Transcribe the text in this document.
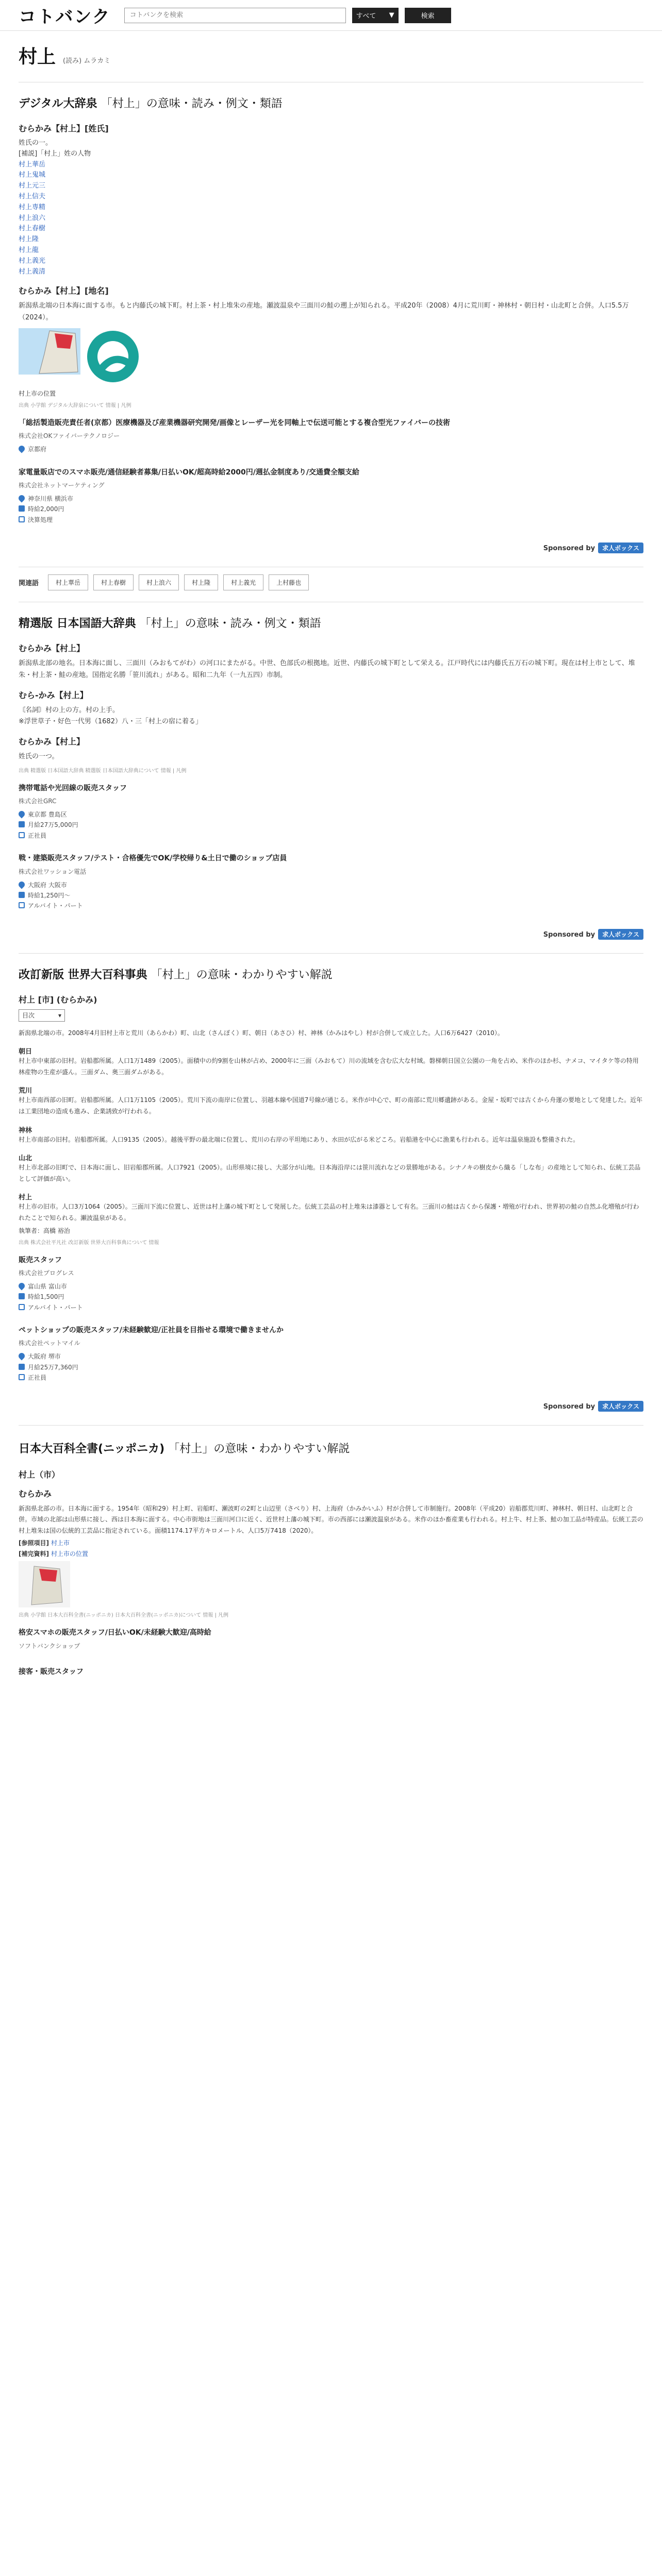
コトバンク
コトバンクを検索	すべて ▼	検索
村上 (読み) ムラカミ
デジタル大辞泉 「村上」の意味・読み・例文・類語
むらかみ【村上】[姓氏]
姓氏の一。
[補説]「村上」姓の人物
村上華岳
村上鬼城
村上元三
村上信夫
村上専精
村上浪六
村上春樹
村上隆
村上龍
村上義光
村上義清
むらかみ【村上】[地名]
新潟県北端の日本海に面する市。もと内藤氏の城下町。村上茶・村上堆朱の産地。瀬波温泉や三面川の鮭の遡上が知られる。平成20年（2008）4月に荒川町・神林村・朝日村・山北町と合併。人口5.5万（2024）。
村上市の位置
出典 小学館 デジタル大辞泉について 情報 | 凡例
「総括製造販売責任者(京都）医療機器及び産業機器研究開発/画像とレーザー光を同軸上で伝送可能とする複合型光ファイバーの技術
株式会社OKファイバーテクノロジー
京都府
家電量販店でのスマホ販売/通信経験者募集/日払いOK/超高時給2000円/週払金制度あり/交通費全額支給
株式会社ネットマーケティング
神奈川県 横浜市
時給2,000円
決算処理
Sponsored by 求人ボックス
関連語	村上華岳	村上春樹	村上浪六	村上隆	村上義光	上村藤也
精選版 日本国語大辞典 「村上」の意味・読み・例文・類語
むらかみ【村上】
新潟県北部の地名。日本海に面し、三面川（みおもてがわ）の河口にまたがる。中世、色部氏の根拠地。近世、内藤氏の城下町として栄える。江戸時代には内藤氏五万石の城下町。現在は村上市として、堆朱・村上茶・鮭の産地。国指定名勝「笹川流れ」がある。昭和二九年（一九五四）市制。
むら‐かみ【村上】
〘名詞〙村の上の方。村の上手。
※浮世草子・好色一代男（1682）八・三「村上の宿に着る」
むらかみ【村上】
姓氏の一つ。
出典 精選版 日本国語大辞典 精選版 日本国語大辞典について 情報 | 凡例
携帯電話や光回線の販売スタッフ
株式会社GRC
東京都 豊島区
月給27万5,000円
正社員
戦・建築販売スタッフ/テスト・合格優先でOK/学校帰り&土日で働のショップ店員
株式会社ワッション電話
大阪府 大阪市
時給1,250円〜
アルバイト・パート
Sponsored by 求人ボックス
改訂新版 世界大百科事典 「村上」の意味・わかりやすい解説
村上 [市] (むらかみ)
目次	▾
新潟県北端の市。2008年4月旧村上市と荒川（あらかわ）町、山北（さんぽく）町、朝日（あさひ）村、神林（かみはやし）村が合併して成立した。人口6万6427（2010）。
朝日
村上市中東部の旧村。岩船郡所属。人口1万1489（2005）。面積中の約9割を山林が占め、2000年に三面（みおもて）川の流域を含む広大な村域。磐梯朝日国立公園の一角を占め、米作のほか杉、ナメコ、マイタケ等の特用林産物の生産が盛ん。三面ダム、奥三面ダムがある。
荒川
村上市南西部の旧町。岩船郡所属。人口1万1105（2005）。荒川下流の南岸に位置し、羽越本線や国道7号線が通じる。米作が中心で、町の南部に荒川郷遺跡がある。金屋・坂町では古くから舟運の要地として発達した。近年は工業団地の造成も進み、企業誘致が行われる。
神林
村上市南部の旧村。岩船郡所属。人口9135（2005）。越後平野の最北端に位置し、荒川の右岸の平坦地にあり、水田が広がる米どころ。岩船港を中心に漁業も行われる。近年は温泉施設も整備された。
山北
村上市北部の旧町で、日本海に面し、旧岩船郡所属。人口7921（2005）。山形県境に接し、大部分が山地。日本海沿岸には笹川流れなどの景勝地がある。シナノキの樹皮から織る「しな布」の産地として知られ、伝統工芸品として評価が高い。
村上
村上市の旧市。人口3万1064（2005）。三面川下流に位置し、近世は村上藩の城下町として発展した。伝統工芸品の村上堆朱は漆器として有名。三面川の鮭は古くから保護・増殖が行われ、世界初の鮭の自然ふ化増殖が行われたことで知られる。瀬波温泉がある。
執筆者：高橋 裕治
出典 株式会社平凡社 改訂新版 世界大百科事典について 情報
販売スタッフ
株式会社プログレス
富山県 富山市
時給1,500円
アルバイト・パート
ペットショップの販売スタッフ/未経験歓迎/正社員を目指せる環境で働きませんか
株式会社ペットマイル
大阪府 堺市
月給25万7,360円
正社員
Sponsored by 求人ボックス
日本大百科全書(ニッポニカ) 「村上」の意味・わかりやすい解説
村上（市）
むらかみ
新潟県北部の市。日本海に面する。1954年（昭和29）村上町、岩船町、瀬波町の2町と山辺里（さべり）村、上海府（かみかいふ）村が合併して市制施行。2008年（平成20）岩船郡荒川町、神林村、朝日村、山北町と合併。市域の北部は山形県に接し、西は日本海に面する。中心市街地は三面川河口に近く、近世村上藩の城下町。市の西部には瀬波温泉がある。米作のほか畜産業も行われる。村上牛、村上茶、鮭の加工品が特産品。伝統工芸の村上堆朱は国の伝統的工芸品に指定されている。面積1174.17平方キロメートル、人口5万7418（2020）。
[参照項目] 村上市
[補完資料] 村上市の位置
出典 小学館 日本大百科全書(ニッポニカ) 日本大百科全書(ニッポニカ)について 情報 | 凡例
格安スマホの販売スタッフ/日払いOK/未経験大歓迎/高時給
ソフトバンクショップ
接客・販売スタッフ
